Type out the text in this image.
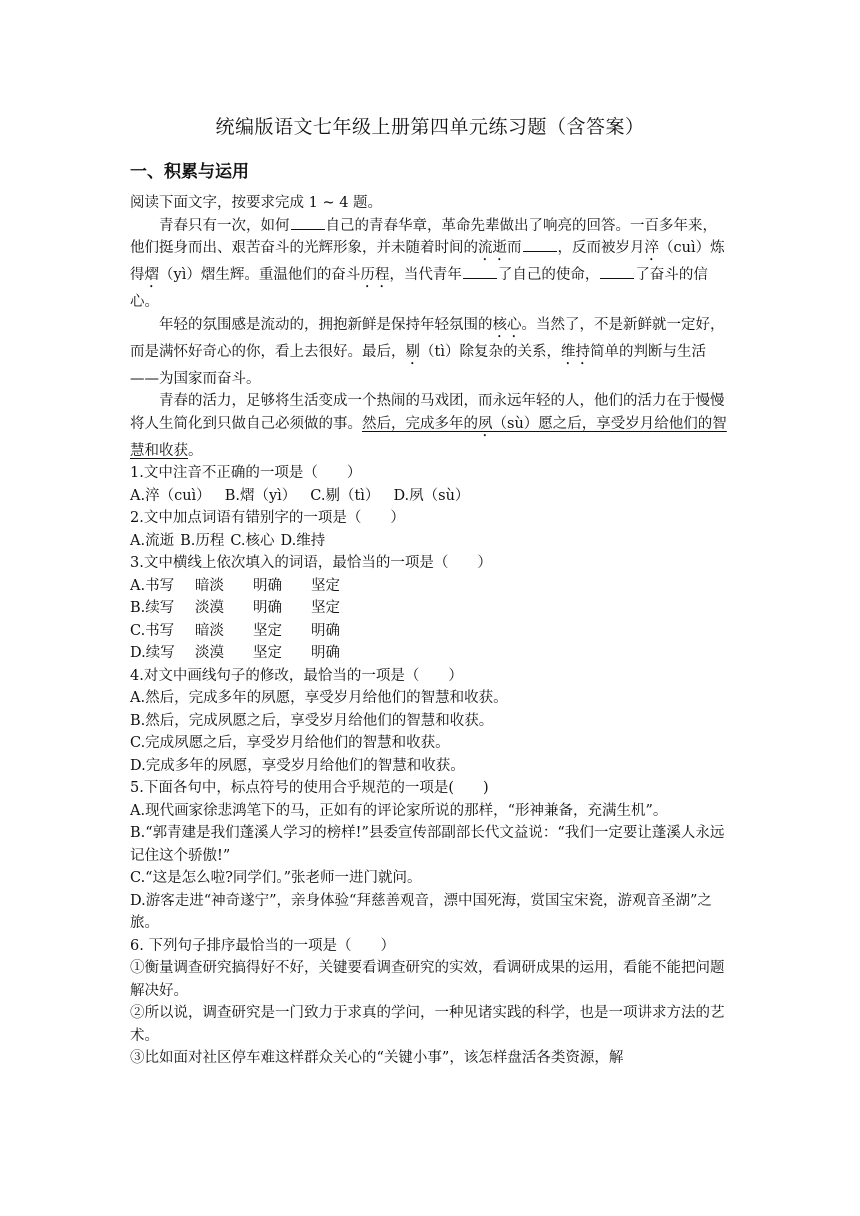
统编版语文七年级上册第四单元练习题（含答案）
一、积累与运用

阅读下面文字，按要求完成 1 ~ 4 题。

青春只有一次，如何 自己的青春华章，革命先辈做出了响亮的回答。一百多年来，他们挺身而出、艰苦奋斗的光辉形象，并未随着时间的流逝而 ，反而被岁月淬（cuì）炼得熠（yì）熠生辉。重温他们的奋斗历程，当代青年 了自己的使命， 了奋斗的信心。

年轻的氛围感是流动的，拥抱新鲜是保持年轻氛围的核心。当然了，不是新鲜就一定好，而是满怀好奇心的你，看上去很好。最后，剔（tì）除复杂的关系，维持简单的判断与生活——为国家而奋斗。

青春的活力，足够将生活变成一个热闹的马戏团，而永远年轻的人，他们的活力在于慢慢将人生简化到只做自己必须做的事。然后，完成多年的夙（sù）愿之后，享受岁月给他们的智慧和收获。

1.文中注音不正确的一项是（　　）

A.淬（cuì） B.熠（yì） C.剔（tì） D.夙（sù）

2.文中加点词语有错别字的一项是（　　）

A.流逝 B.历程 C.核心 D.维持

3.文中横线上依次填入的词语，最恰当的一项是（　　）

A.书写 暗淡 明确 坚定

B.续写 淡漠 明确 坚定

C.书写 暗淡 坚定 明确

D.续写 淡漠 坚定 明确

4.对文中画线句子的修改，最恰当的一项是（　　）

A.然后，完成多年的夙愿，享受岁月给他们的智慧和收获。

B.然后，完成夙愿之后，享受岁月给他们的智慧和收获。

C.完成夙愿之后，享受岁月给他们的智慧和收获。

D.完成多年的夙愿，享受岁月给他们的智慧和收获。

5.下面各句中，标点符号的使用合乎规范的一项是(　　)

A.现代画家徐悲鸿笔下的马，正如有的评论家所说的那样，“形神兼备，充满生机”。

B.“郭青建是我们蓬溪人学习的榜样!”县委宣传部副部长代文益说：“我们一定要让蓬溪人永远记住这个骄傲!”

C.“这是怎么啦?同学们。”张老师一进门就问。

D.游客走进“神奇遂宁”，亲身体验“拜慈善观音，漂中国死海，赏国宝宋瓷，游观音圣湖”之旅。

6. 下列句子排序最恰当的一项是（　　）

①衡量调查研究搞得好不好，关键要看调查研究的实效，看调研成果的运用，看能不能把问题解决好。

②所以说，调查研究是一门致力于求真的学问，一种见诸实践的科学，也是一项讲求方法的艺术。

③比如面对社区停车难这样群众关心的“关键小事”，该怎样盘活各类资源，解
